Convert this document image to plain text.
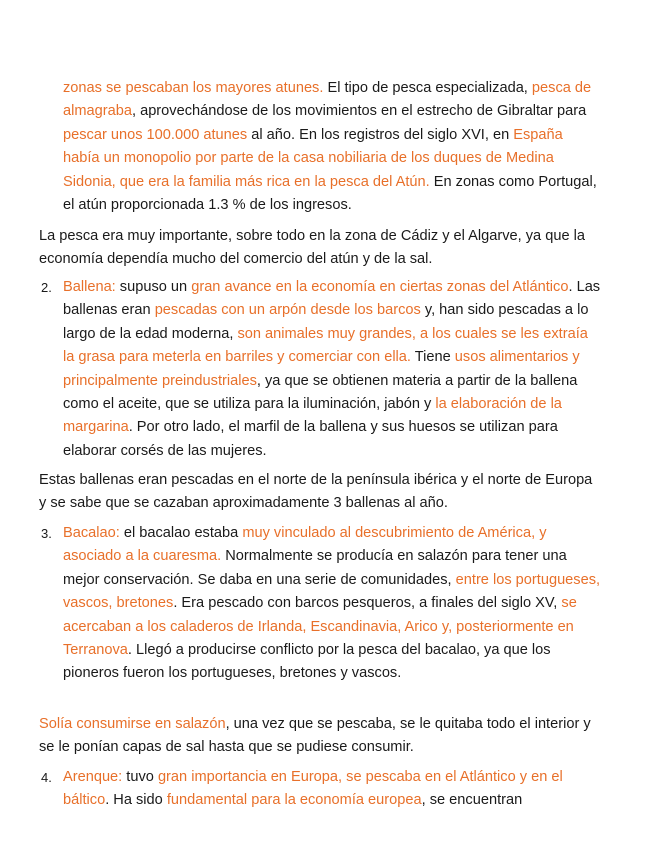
zonas se pescaban los mayores atunes. El tipo de pesca especializada, pesca de almagraba, aprovechándose de los movimientos en el estrecho de Gibraltar para pescar unos 100.000 atunes al año. En los registros del siglo XVI, en España había un monopolio por parte de la casa nobiliaria de los duques de Medina Sidonia, que era la familia más rica en la pesca del Atún. En zonas como Portugal, el atún proporcionada 1.3 % de los ingresos.

La pesca era muy importante, sobre todo en la zona de Cádiz y el Algarve, ya que la economía dependía mucho del comercio del atún y de la sal.

2. Ballena: supuso un gran avance en la economía en ciertas zonas del Atlántico. Las ballenas eran pescadas con un arpón desde los barcos y, han sido pescadas a lo largo de la edad moderna, son animales muy grandes, a los cuales se les extraía la grasa para meterla en barriles y comerciar con ella. Tiene usos alimentarios y principalmente preindustriales, ya que se obtienen materia a partir de la ballena como el aceite, que se utiliza para la iluminación, jabón y la elaboración de la margarina. Por otro lado, el marfil de la ballena y sus huesos se utilizan para elaborar corsés de las mujeres.

Estas ballenas eran pescadas en el norte de la península ibérica y el norte de Europa y se sabe que se cazaban aproximadamente 3 ballenas al año.

3. Bacalao: el bacalao estaba muy vinculado al descubrimiento de América, y asociado a la cuaresma. Normalmente se producía en salazón para tener una mejor conservación. Se daba en una serie de comunidades, entre los portugueses, vascos, bretones. Era pescado con barcos pesqueros, a finales del siglo XV, se acercaban a los caladeros de Irlanda, Escandinavia, Arico y, posteriormente en Terranova. Llegó a producirse conflicto por la pesca del bacalao, ya que los pioneros fueron los portugueses, bretones y vascos.

Solía consumirse en salazón, una vez que se pescaba, se le quitaba todo el interior y se le ponían capas de sal hasta que se pudiese consumir.

4. Arenque: tuvo gran importancia en Europa, se pescaba en el Atlántico y en el báltico. Ha sido fundamental para la economía europea, se encuentran
